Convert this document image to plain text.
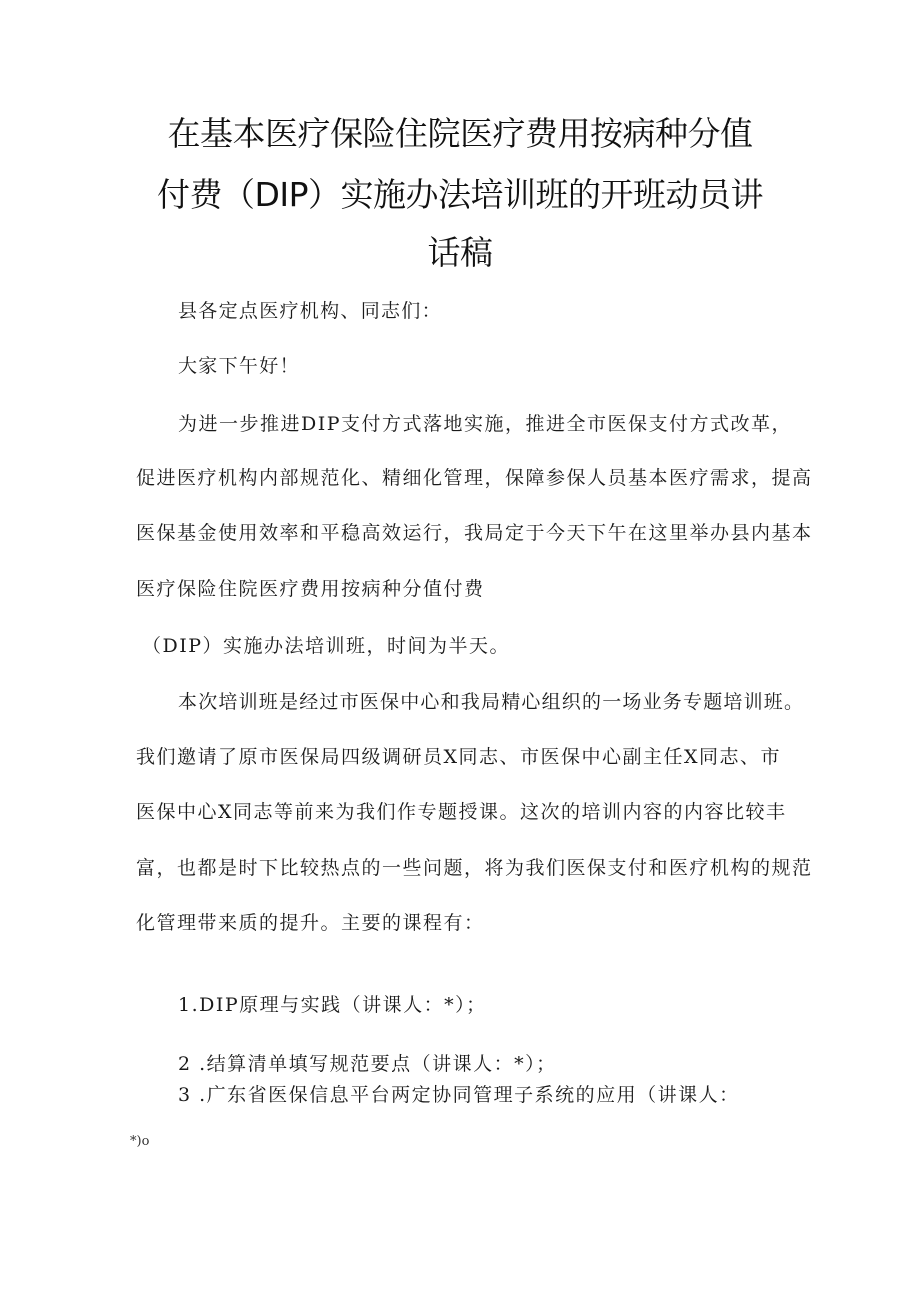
在基本医疗保险住院医疗费用按病种分值
付费（DIP）实施办法培训班的开班动员讲
话稿
县各定点医疗机构、同志们：
大家下午好！
为进一步推进DIP支付方式落地实施，推进全市医保支付方式改革，
促进医疗机构内部规范化、精细化管理，保障参保人员基本医疗需求，提高
医保基金使用效率和平稳高效运行，我局定于今天下午在这里举办县内基本
医疗保险住院医疗费用按病种分值付费
（DIP）实施办法培训班，时间为半天。
本次培训班是经过市医保中心和我局精心组织的一场业务专题培训班。
我们邀请了原市医保局四级调研员X同志、市医保中心副主任X同志、市
医保中心X同志等前来为我们作专题授课。这次的培训内容的内容比较丰
富，也都是时下比较热点的一些问题，将为我们医保支付和医疗机构的规范
化管理带来质的提升。主要的课程有：
1.DIP原理与实践（讲课人：*）；
2 .结算清单填写规范要点（讲课人：*）；
3 .广东省医保信息平台两定协同管理子系统的应用（讲课人：
*)o
